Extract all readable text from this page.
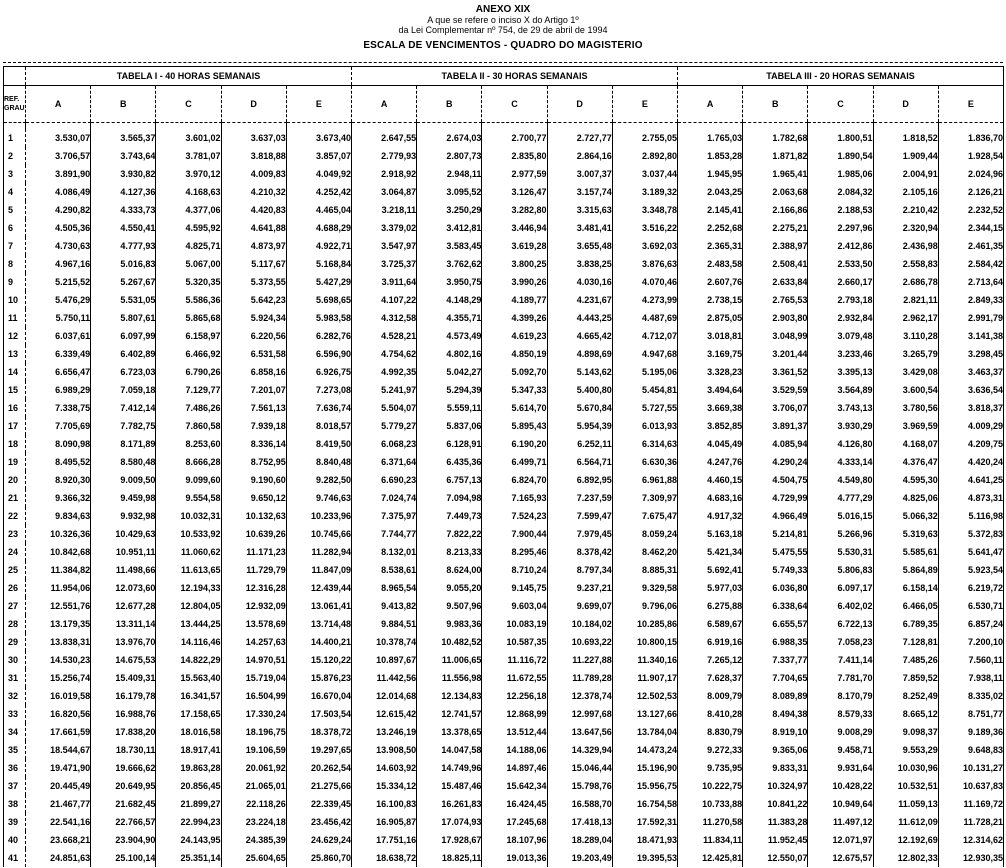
ANEXO XIX
A que se refere o inciso X do Artigo 1º
da Lei Complementar nº 754, de 29 de abril de 1994
ESCALA DE VENCIMENTOS - QUADRO DO MAGISTERIO
	TABELA I - 40 HORAS SEMANAIS					TABELA II - 30 HORAS SEMANAIS					TABELA III - 20 HORAS SEMANAIS				

REF.
GRAU	A	B	C	D	E	A	B	C	D	E	A	B	C	D	E

1	3.530,07	3.565,37	3.601,02	3.637,03	3.673,40	2.647,55	2.674,03	2.700,77	2.727,77	2.755,05	1.765,03	1.782,68	1.800,51	1.818,52	1.836,70
2	3.706,57	3.743,64	3.781,07	3.818,88	3.857,07	2.779,93	2.807,73	2.835,80	2.864,16	2.892,80	1.853,28	1.871,82	1.890,54	1.909,44	1.928,54
3	3.891,90	3.930,82	3.970,12	4.009,83	4.049,92	2.918,92	2.948,11	2.977,59	3.007,37	3.037,44	1.945,95	1.965,41	1.985,06	2.004,91	2.024,96
4	4.086,49	4.127,36	4.168,63	4.210,32	4.252,42	3.064,87	3.095,52	3.126,47	3.157,74	3.189,32	2.043,25	2.063,68	2.084,32	2.105,16	2.126,21
5	4.290,82	4.333,73	4.377,06	4.420,83	4.465,04	3.218,11	3.250,29	3.282,80	3.315,63	3.348,78	2.145,41	2.166,86	2.188,53	2.210,42	2.232,52
6	4.505,36	4.550,41	4.595,92	4.641,88	4.688,29	3.379,02	3.412,81	3.446,94	3.481,41	3.516,22	2.252,68	2.275,21	2.297,96	2.320,94	2.344,15
7	4.730,63	4.777,93	4.825,71	4.873,97	4.922,71	3.547,97	3.583,45	3.619,28	3.655,48	3.692,03	2.365,31	2.388,97	2.412,86	2.436,98	2.461,35
8	4.967,16	5.016,83	5.067,00	5.117,67	5.168,84	3.725,37	3.762,62	3.800,25	3.838,25	3.876,63	2.483,58	2.508,41	2.533,50	2.558,83	2.584,42
9	5.215,52	5.267,67	5.320,35	5.373,55	5.427,29	3.911,64	3.950,75	3.990,26	4.030,16	4.070,46	2.607,76	2.633,84	2.660,17	2.686,78	2.713,64
10	5.476,29	5.531,05	5.586,36	5.642,23	5.698,65	4.107,22	4.148,29	4.189,77	4.231,67	4.273,99	2.738,15	2.765,53	2.793,18	2.821,11	2.849,33
11	5.750,11	5.807,61	5.865,68	5.924,34	5.983,58	4.312,58	4.355,71	4.399,26	4.443,25	4.487,69	2.875,05	2.903,80	2.932,84	2.962,17	2.991,79
12	6.037,61	6.097,99	6.158,97	6.220,56	6.282,76	4.528,21	4.573,49	4.619,23	4.665,42	4.712,07	3.018,81	3.048,99	3.079,48	3.110,28	3.141,38
13	6.339,49	6.402,89	6.466,92	6.531,58	6.596,90	4.754,62	4.802,16	4.850,19	4.898,69	4.947,68	3.169,75	3.201,44	3.233,46	3.265,79	3.298,45
14	6.656,47	6.723,03	6.790,26	6.858,16	6.926,75	4.992,35	5.042,27	5.092,70	5.143,62	5.195,06	3.328,23	3.361,52	3.395,13	3.429,08	3.463,37
15	6.989,29	7.059,18	7.129,77	7.201,07	7.273,08	5.241,97	5.294,39	5.347,33	5.400,80	5.454,81	3.494,64	3.529,59	3.564,89	3.600,54	3.636,54
16	7.338,75	7.412,14	7.486,26	7.561,13	7.636,74	5.504,07	5.559,11	5.614,70	5.670,84	5.727,55	3.669,38	3.706,07	3.743,13	3.780,56	3.818,37
17	7.705,69	7.782,75	7.860,58	7.939,18	8.018,57	5.779,27	5.837,06	5.895,43	5.954,39	6.013,93	3.852,85	3.891,37	3.930,29	3.969,59	4.009,29
18	8.090,98	8.171,89	8.253,60	8.336,14	8.419,50	6.068,23	6.128,91	6.190,20	6.252,11	6.314,63	4.045,49	4.085,94	4.126,80	4.168,07	4.209,75
19	8.495,52	8.580,48	8.666,28	8.752,95	8.840,48	6.371,64	6.435,36	6.499,71	6.564,71	6.630,36	4.247,76	4.290,24	4.333,14	4.376,47	4.420,24
20	8.920,30	9.009,50	9.099,60	9.190,60	9.282,50	6.690,23	6.757,13	6.824,70	6.892,95	6.961,88	4.460,15	4.504,75	4.549,80	4.595,30	4.641,25
21	9.366,32	9.459,98	9.554,58	9.650,12	9.746,63	7.024,74	7.094,98	7.165,93	7.237,59	7.309,97	4.683,16	4.729,99	4.777,29	4.825,06	4.873,31
22	9.834,63	9.932,98	10.032,31	10.132,63	10.233,96	7.375,97	7.449,73	7.524,23	7.599,47	7.675,47	4.917,32	4.966,49	5.016,15	5.066,32	5.116,98
23	10.326,36	10.429,63	10.533,92	10.639,26	10.745,66	7.744,77	7.822,22	7.900,44	7.979,45	8.059,24	5.163,18	5.214,81	5.266,96	5.319,63	5.372,83
24	10.842,68	10.951,11	11.060,62	11.171,23	11.282,94	8.132,01	8.213,33	8.295,46	8.378,42	8.462,20	5.421,34	5.475,55	5.530,31	5.585,61	5.641,47
25	11.384,82	11.498,66	11.613,65	11.729,79	11.847,09	8.538,61	8.624,00	8.710,24	8.797,34	8.885,31	5.692,41	5.749,33	5.806,83	5.864,89	5.923,54
26	11.954,06	12.073,60	12.194,33	12.316,28	12.439,44	8.965,54	9.055,20	9.145,75	9.237,21	9.329,58	5.977,03	6.036,80	6.097,17	6.158,14	6.219,72
27	12.551,76	12.677,28	12.804,05	12.932,09	13.061,41	9.413,82	9.507,96	9.603,04	9.699,07	9.796,06	6.275,88	6.338,64	6.402,02	6.466,05	6.530,71
28	13.179,35	13.311,14	13.444,25	13.578,69	13.714,48	9.884,51	9.983,36	10.083,19	10.184,02	10.285,86	6.589,67	6.655,57	6.722,13	6.789,35	6.857,24
29	13.838,31	13.976,70	14.116,46	14.257,63	14.400,21	10.378,74	10.482,52	10.587,35	10.693,22	10.800,15	6.919,16	6.988,35	7.058,23	7.128,81	7.200,10
30	14.530,23	14.675,53	14.822,29	14.970,51	15.120,22	10.897,67	11.006,65	11.116,72	11.227,88	11.340,16	7.265,12	7.337,77	7.411,14	7.485,26	7.560,11
31	15.256,74	15.409,31	15.563,40	15.719,04	15.876,23	11.442,56	11.556,98	11.672,55	11.789,28	11.907,17	7.628,37	7.704,65	7.781,70	7.859,52	7.938,11
32	16.019,58	16.179,78	16.341,57	16.504,99	16.670,04	12.014,68	12.134,83	12.256,18	12.378,74	12.502,53	8.009,79	8.089,89	8.170,79	8.252,49	8.335,02
33	16.820,56	16.988,76	17.158,65	17.330,24	17.503,54	12.615,42	12.741,57	12.868,99	12.997,68	13.127,66	8.410,28	8.494,38	8.579,33	8.665,12	8.751,77
34	17.661,59	17.838,20	18.016,58	18.196,75	18.378,72	13.246,19	13.378,65	13.512,44	13.647,56	13.784,04	8.830,79	8.919,10	9.008,29	9.098,37	9.189,36
35	18.544,67	18.730,11	18.917,41	19.106,59	19.297,65	13.908,50	14.047,58	14.188,06	14.329,94	14.473,24	9.272,33	9.365,06	9.458,71	9.553,29	9.648,83
36	19.471,90	19.666,62	19.863,28	20.061,92	20.262,54	14.603,92	14.749,96	14.897,46	15.046,44	15.196,90	9.735,95	9.833,31	9.931,64	10.030,96	10.131,27
37	20.445,49	20.649,95	20.856,45	21.065,01	21.275,66	15.334,12	15.487,46	15.642,34	15.798,76	15.956,75	10.222,75	10.324,97	10.428,22	10.532,51	10.637,83
38	21.467,77	21.682,45	21.899,27	22.118,26	22.339,45	16.100,83	16.261,83	16.424,45	16.588,70	16.754,58	10.733,88	10.841,22	10.949,64	11.059,13	11.169,72
39	22.541,16	22.766,57	22.994,23	23.224,18	23.456,42	16.905,87	17.074,93	17.245,68	17.418,13	17.592,31	11.270,58	11.383,28	11.497,12	11.612,09	11.728,21
40	23.668,21	23.904,90	24.143,95	24.385,39	24.629,24	17.751,16	17.928,67	18.107,96	18.289,04	18.471,93	11.834,11	11.952,45	12.071,97	12.192,69	12.314,62
41	24.851,63	25.100,14	25.351,14	25.604,65	25.860,70	18.638,72	18.825,11	19.013,36	19.203,49	19.395,53	12.425,81	12.550,07	12.675,57	12.802,33	12.930,35
